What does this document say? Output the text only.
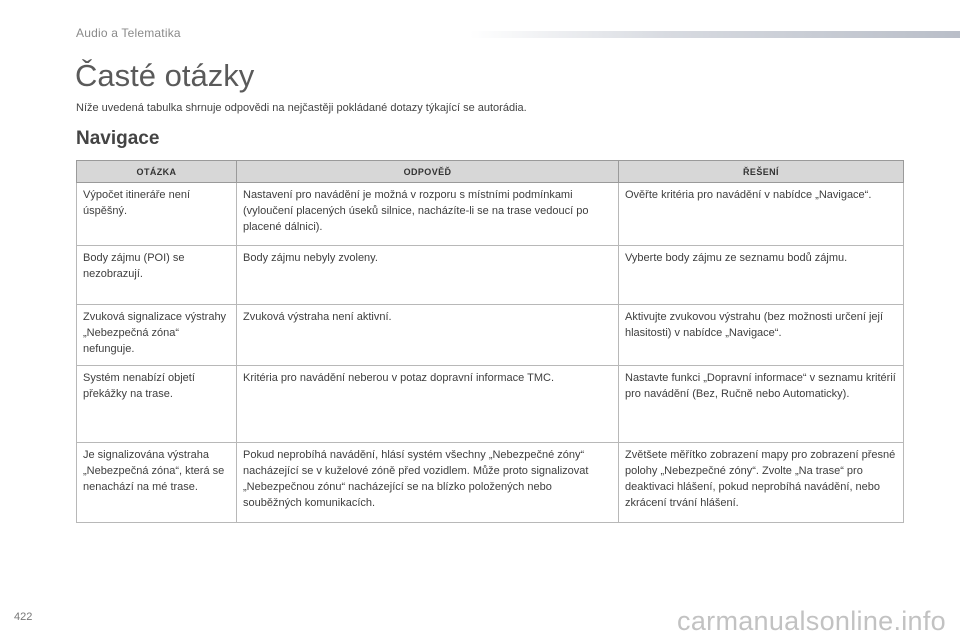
Audio a Telematika
Časté otázky
Níže uvedená tabulka shrnuje odpovědi na nejčastěji pokládané dotazy týkající se autorádia.
Navigace
OTÁZKA	ODPOVĚĎ	ŘEŠENÍ
Výpočet itineráře není úspěšný.	Nastavení pro navádění je možná v rozporu s místními podmínkami (vyloučení placených úseků silnice, nacházíte-li se na trase vedoucí po placené dálnici).	Ověřte kritéria pro navádění v nabídce „Navigace“.
Body zájmu (POI) se nezobrazují.	Body zájmu nebyly zvoleny.	Vyberte body zájmu ze seznamu bodů zájmu.
Zvuková signalizace výstrahy „Nebezpečná zóna“ nefunguje.	Zvuková výstraha není aktivní.	Aktivujte zvukovou výstrahu (bez možnosti určení její hlasitosti) v nabídce „Navigace“.
Systém nenabízí objetí překážky na trase.	Kritéria pro navádění neberou v potaz dopravní informace TMC.	Nastavte funkci „Dopravní informace“ v seznamu kritérií pro navádění (Bez, Ručně nebo Automaticky).
Je signalizována výstraha „Nebezpečná zóna“, která se nenachází na mé trase.	Pokud neprobíhá navádění, hlásí systém všechny „Nebezpečné zóny“ nacházející se v kuželové zóně před vozidlem. Může proto signalizovat „Nebezpečnou zónu“ nacházející se na blízko položených nebo souběžných komunikacích.	Zvětšete měřítko zobrazení mapy pro zobrazení přesné polohy „Nebezpečné zóny“. Zvolte „Na trase“ pro deaktivaci hlášení, pokud neprobíhá navádění, nebo zkrácení trvání hlášení.
422	carmanualsonline.info
